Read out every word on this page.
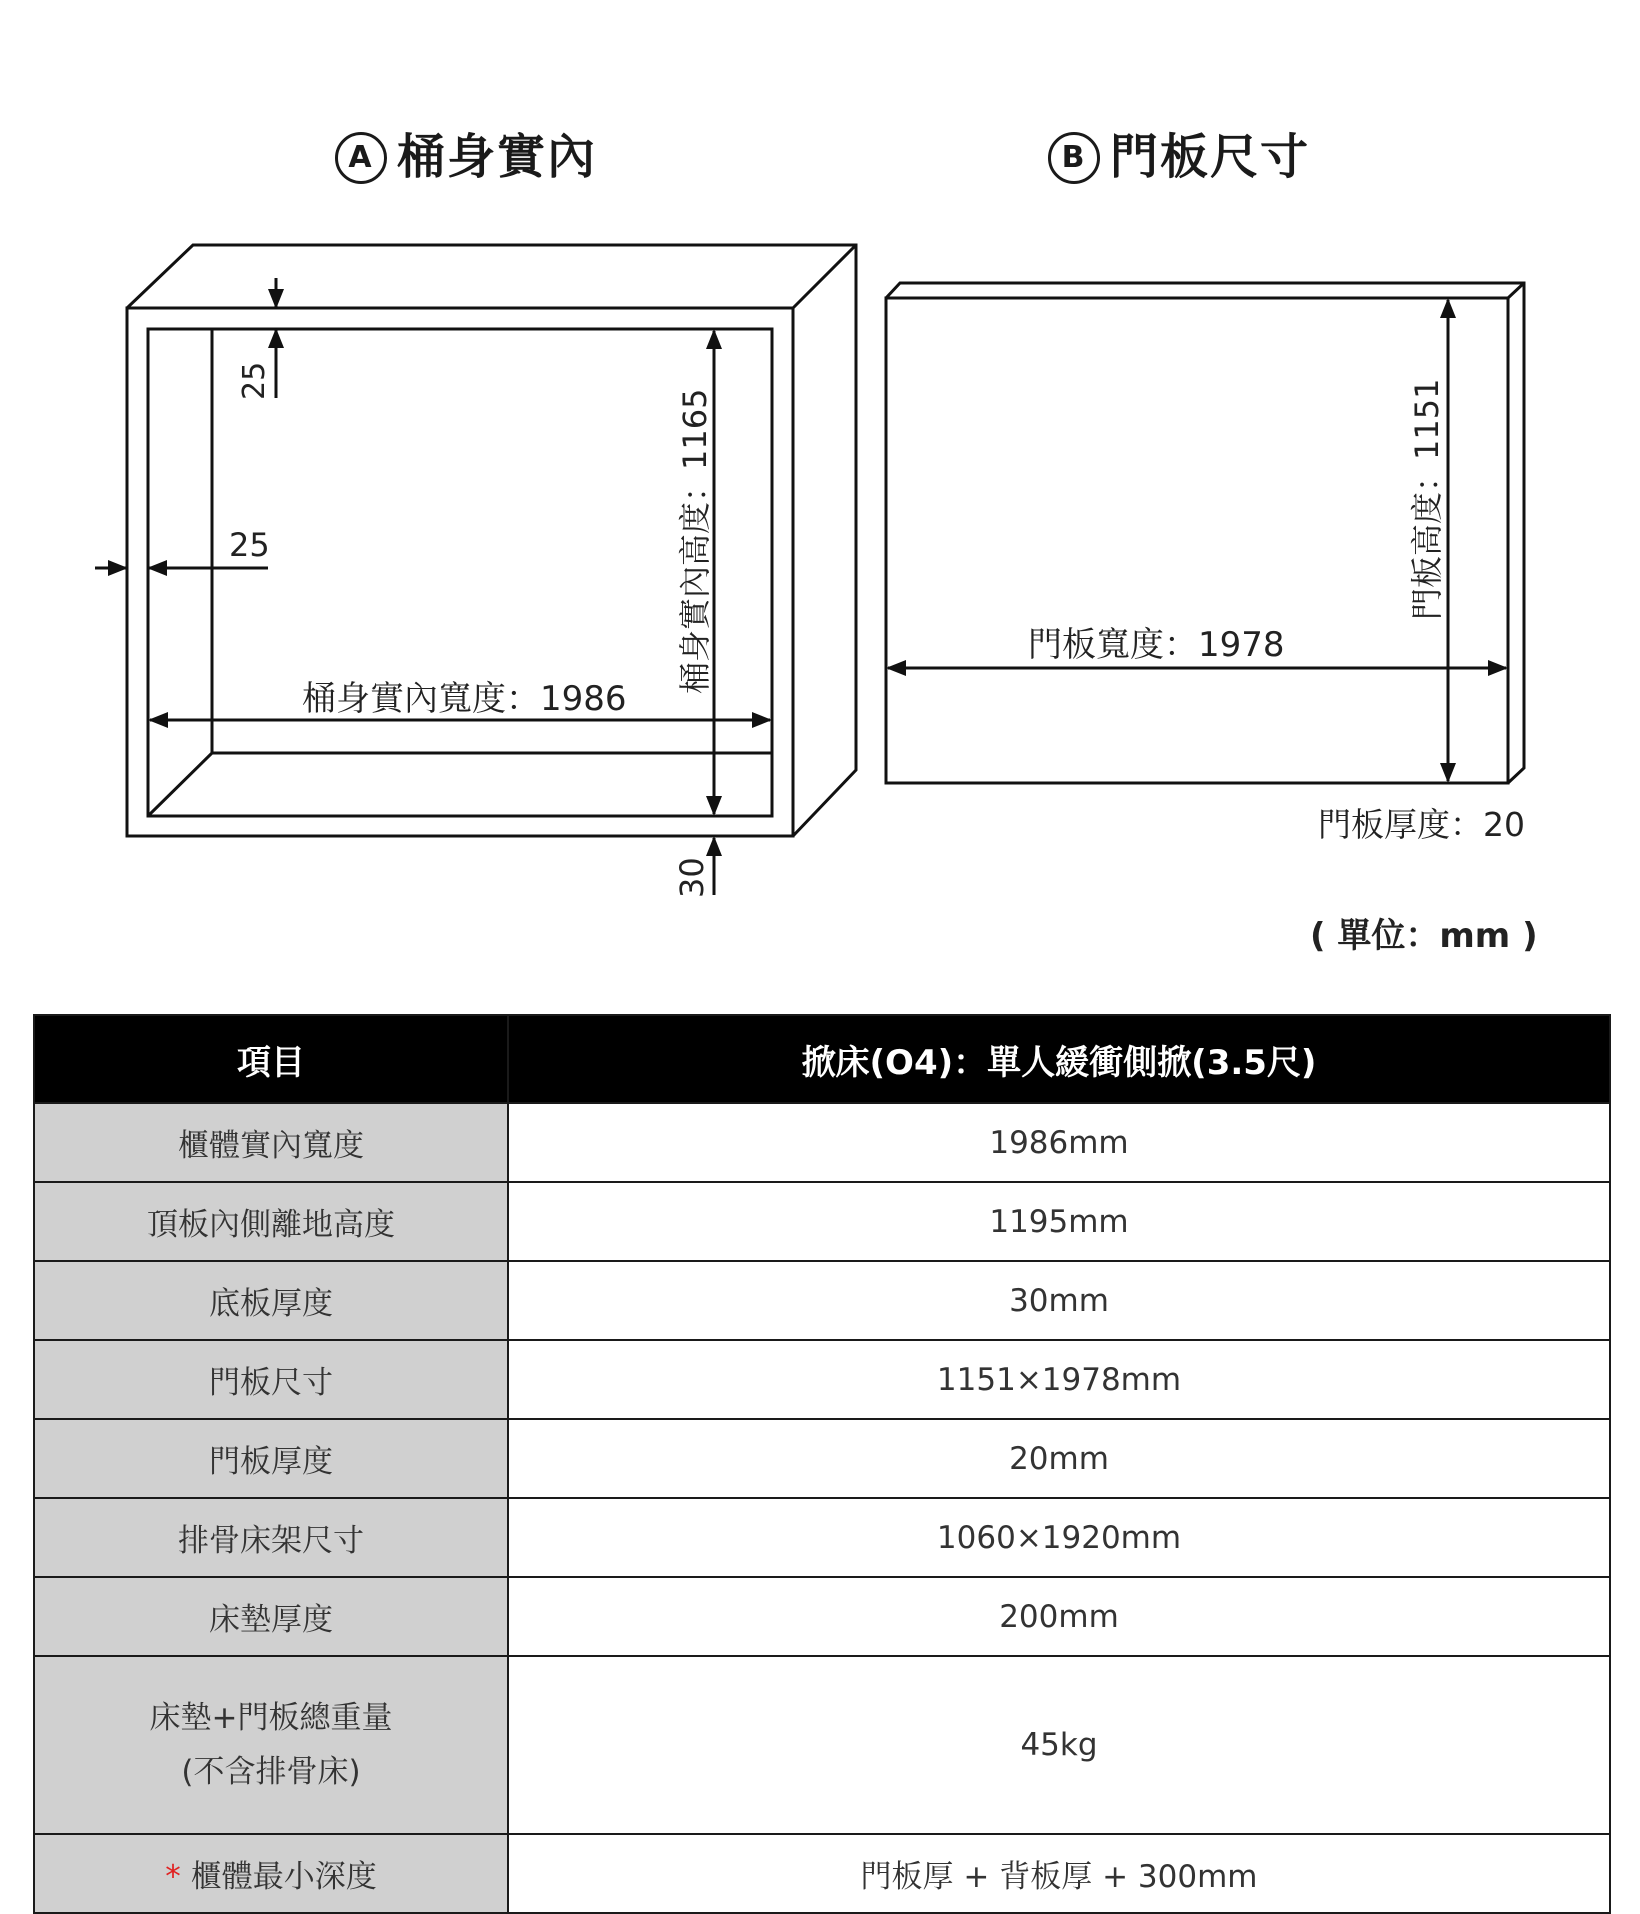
A 桶身實內	B 門板尺寸
25
25
桶身實內寬度：1986
桶身實內高度：1165
30
門板寬度：1978
門板高度：1151
門板厚度：20
( 單位：mm )
項目	掀床(O4)：單人緩衝側掀(3.5尺)
櫃體實內寬度	1986mm
頂板內側離地高度	1195mm
底板厚度	30mm
門板尺寸	1151×1978mm
門板厚度	20mm
排骨床架尺寸	1060×1920mm
床墊厚度	200mm

床墊+門板總重量
(不含排骨床)	45kg
* 櫃體最小深度	門板厚 + 背板厚 + 300mm
